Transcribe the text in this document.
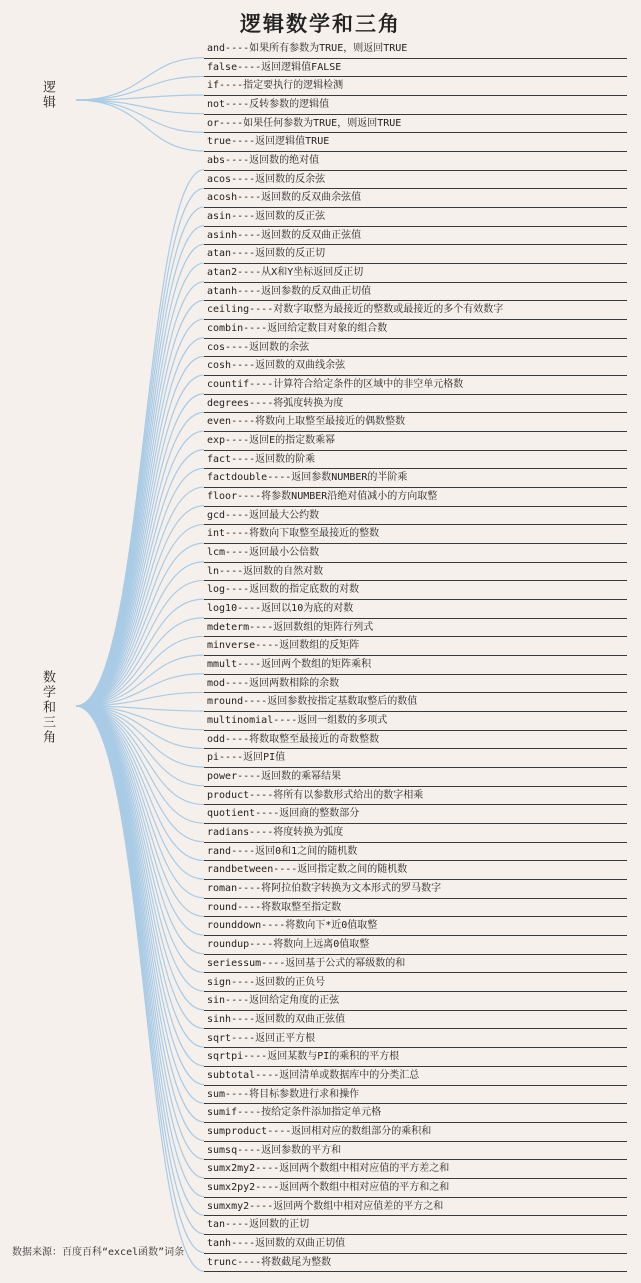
逻辑数学和三角
逻辑
数学和三角
and----如果所有参数为TRUE，则返回TRUE
false----返回逻辑值FALSE
if----指定要执行的逻辑检测
not----反转参数的逻辑值
or----如果任何参数为TRUE，则返回TRUE
true----返回逻辑值TRUE
abs----返回数的绝对值
acos----返回数的反余弦
acosh----返回数的反双曲余弦值
asin----返回数的反正弦
asinh----返回数的反双曲正弦值
atan----返回数的反正切
atan2----从X和Y坐标返回反正切
atanh----返回参数的反双曲正切值
ceiling----对数字取整为最接近的整数或最接近的多个有效数字
combin----返回给定数目对象的组合数
cos----返回数的余弦
cosh----返回数的双曲线余弦
countif----计算符合给定条件的区域中的非空单元格数
degrees----将弧度转换为度
even----将数向上取整至最接近的偶数整数
exp----返回E的指定数乘幂
fact----返回数的阶乘
factdouble----返回参数NUMBER的半阶乘
floor----将参数NUMBER沿绝对值减小的方向取整
gcd----返回最大公约数
int----将数向下取整至最接近的整数
lcm----返回最小公倍数
ln----返回数的自然对数
log----返回数的指定底数的对数
log10----返回以10为底的对数
mdeterm----返回数组的矩阵行列式
minverse----返回数组的反矩阵
mmult----返回两个数组的矩阵乘积
mod----返回两数相除的余数
mround----返回参数按指定基数取整后的数值
multinomial----返回一组数的多项式
odd----将数取整至最接近的奇数整数
pi----返回PI值
power----返回数的乘幂结果
product----将所有以参数形式给出的数字相乘
quotient----返回商的整数部分
radians----将度转换为弧度
rand----返回0和1之间的随机数
randbetween----返回指定数之间的随机数
roman----将阿拉伯数字转换为文本形式的罗马数字
round----将数取整至指定数
rounddown----将数向下*近0值取整
roundup----将数向上远离0值取整
seriessum----返回基于公式的幂级数的和
sign----返回数的正负号
sin----返回给定角度的正弦
sinh----返回数的双曲正弦值
sqrt----返回正平方根
sqrtpi----返回某数与PI的乘积的平方根
subtotal----返回清单或数据库中的分类汇总
sum----将目标参数进行求和操作
sumif----按给定条件添加指定单元格
sumproduct----返回相对应的数组部分的乘积和
sumsq----返回参数的平方和
sumx2my2----返回两个数组中相对应值的平方差之和
sumx2py2----返回两个数组中相对应值的平方和之和
sumxmy2----返回两个数组中相对应值差的平方之和
tan----返回数的正切
tanh----返回数的双曲正切值
trunc----将数截尾为整数
数据来源：百度百科“excel函数”词条
